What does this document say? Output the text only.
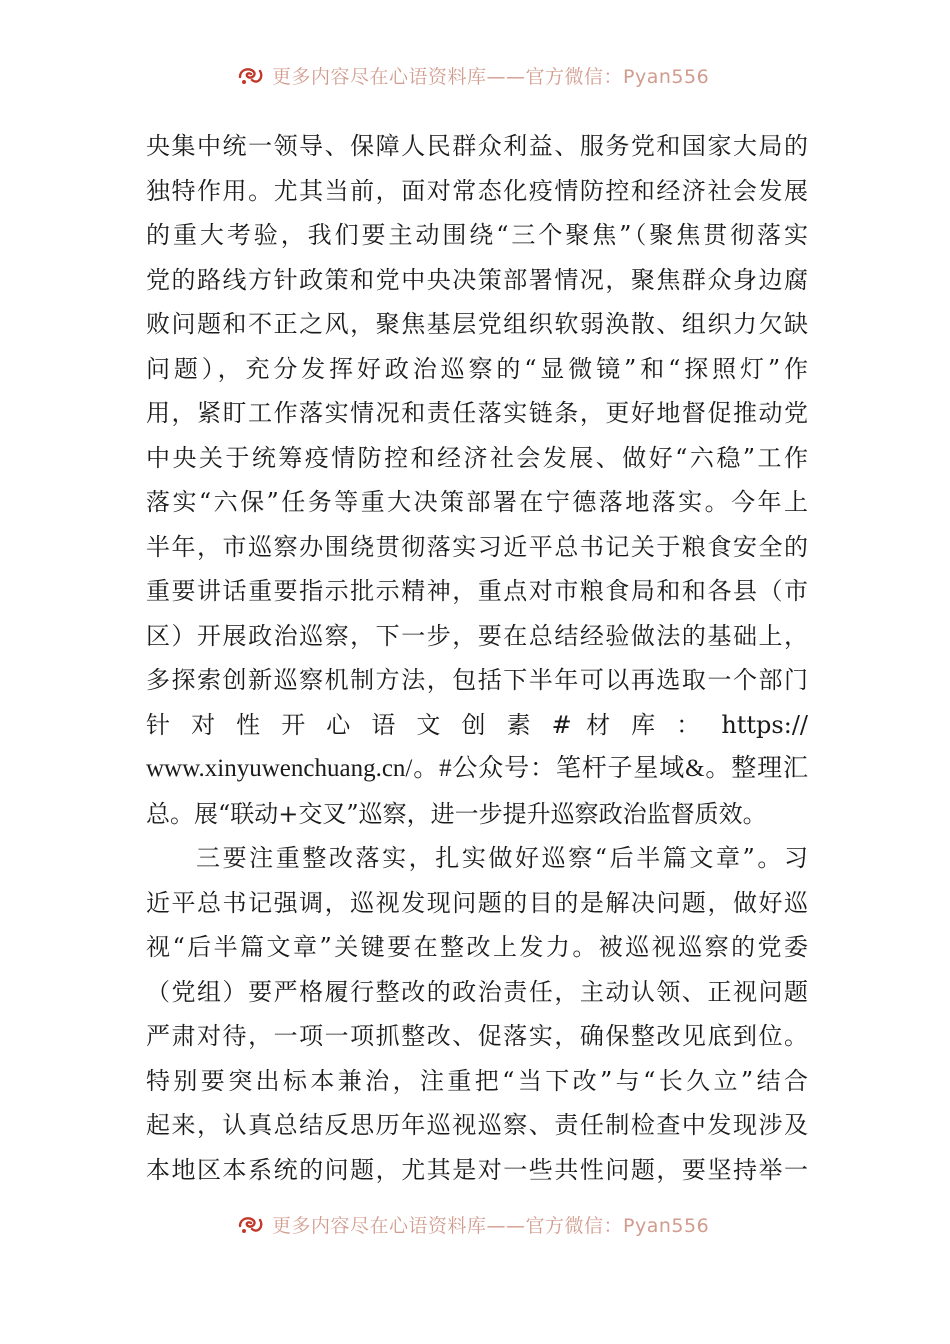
更多内容尽在心语资料库——官方微信：Pyan556
央集中统一领导、保障人民群众利益、服务党和国家大局的
独特作用。尤其当前，面对常态化疫情防控和经济社会发展
的重大考验，我们要主动围绕“三个聚焦”（聚焦贯彻落实
党的路线方针政策和党中央决策部署情况，聚焦群众身边腐
败问题和不正之风，聚焦基层党组织软弱涣散、组织力欠缺
问题），充分发挥好政治巡察的“显微镜”和“探照灯”作
用，紧盯工作落实情况和责任落实链条，更好地督促推动党
中央关于统筹疫情防控和经济社会发展、做好“六稳”工作
落实“六保”任务等重大决策部署在宁德落地落实。今年上
半年，市巡察办围绕贯彻落实习近平总书记关于粮食安全的
重要讲话重要指示批示精神，重点对市粮食局和和各县（市
区）开展政治巡察，下一步，要在总结经验做法的基础上，
多探索创新巡察机制方法，包括下半年可以再选取一个部门
针 对 性 开 心 语 文 创 素 # 材 库 ： https://
www.xinyuwenchuang.cn/。#公众号：笔杆子星域&。整理汇
总。展“联动+交叉”巡察，进一步提升巡察政治监督质效。
三要注重整改落实，扎实做好巡察“后半篇文章”。习
近平总书记强调，巡视发现问题的目的是解决问题，做好巡
视“后半篇文章”关键要在整改上发力。被巡视巡察的党委
（党组）要严格履行整改的政治责任，主动认领、正视问题
严肃对待，一项一项抓整改、促落实，确保整改见底到位。
特别要突出标本兼治，注重把“当下改”与“长久立”结合
起来，认真总结反思历年巡视巡察、责任制检查中发现涉及
本地区本系统的问题，尤其是对一些共性问题，要坚持举一
更多内容尽在心语资料库——官方微信：Pyan556
